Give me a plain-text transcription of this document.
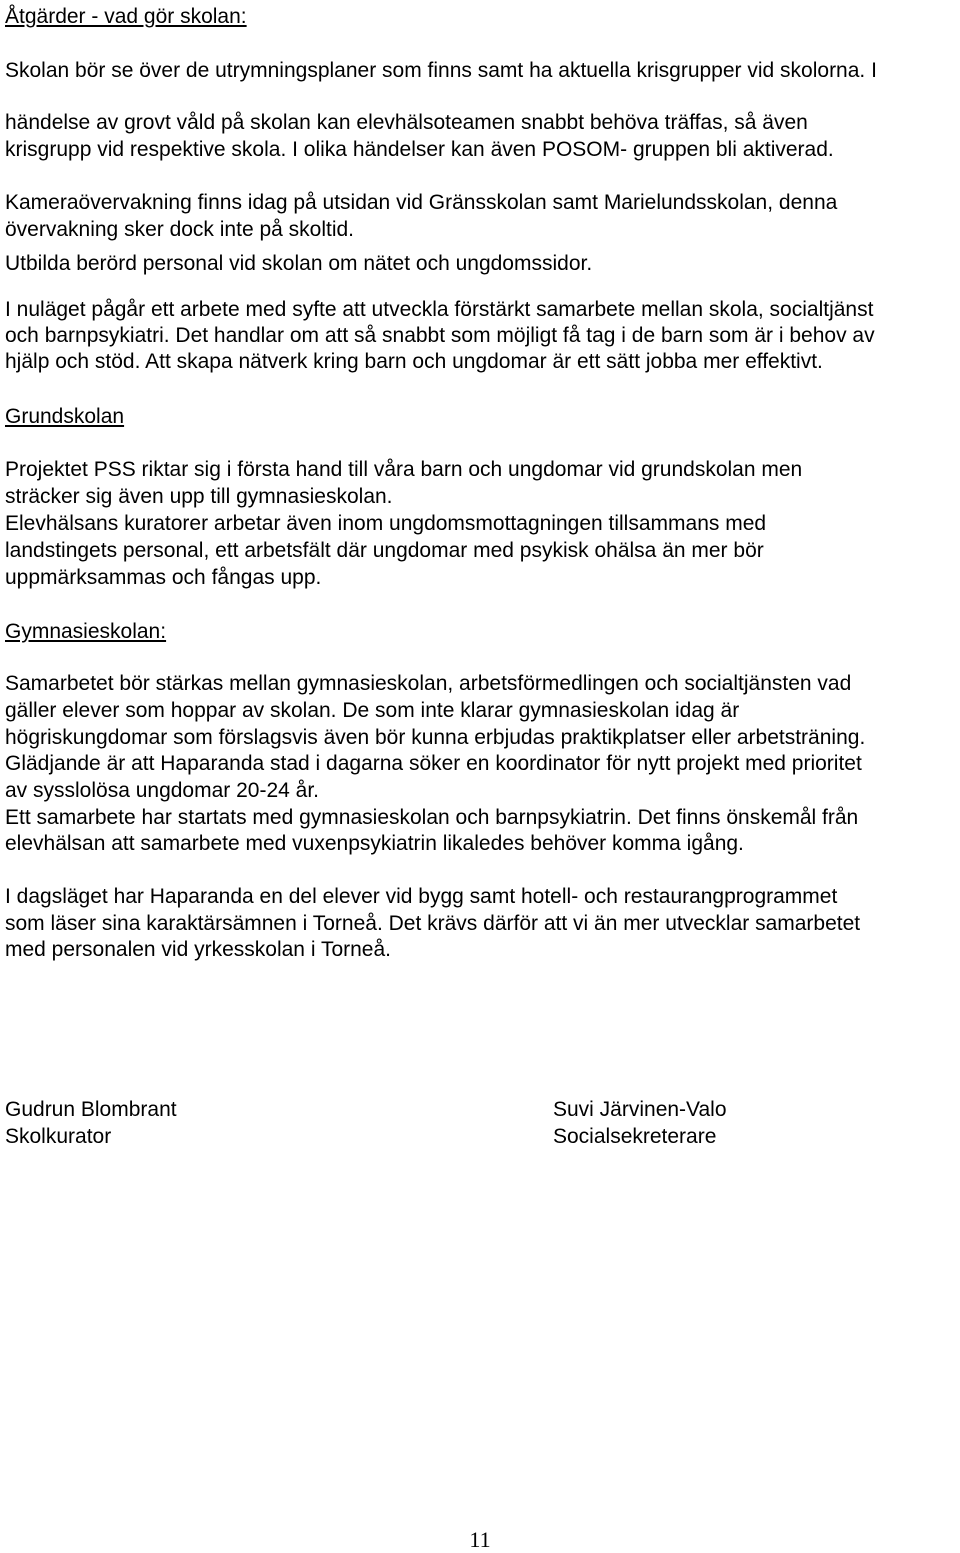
Åtgärder - vad gör skolan:
Skolan bör se över de utrymningsplaner som finns samt ha aktuella krisgrupper vid skolorna. I
händelse av grovt våld på skolan kan elevhälsoteamen snabbt behöva träffas, så även
krisgrupp vid respektive skola. I olika händelser kan även POSOM- gruppen bli aktiverad.
Kameraövervakning finns idag på utsidan vid Gränsskolan samt Marielundsskolan, denna
övervakning sker dock inte på skoltid.
Utbilda berörd personal vid skolan om nätet och ungdomssidor.
I nuläget pågår ett arbete med syfte att utveckla förstärkt samarbete mellan skola, socialtjänst
och barnpsykiatri. Det handlar om att så snabbt som möjligt få tag i de barn som är i behov av
hjälp och stöd. Att skapa nätverk kring barn och ungdomar är ett sätt jobba mer effektivt.
Grundskolan
Projektet PSS riktar sig i första hand till våra barn och ungdomar vid grundskolan men
sträcker sig även upp till gymnasieskolan.
Elevhälsans kuratorer arbetar även inom ungdomsmottagningen tillsammans med
landstingets personal, ett arbetsfält där ungdomar med psykisk ohälsa än mer bör
uppmärksammas och fångas upp.
Gymnasieskolan:
Samarbetet bör stärkas mellan gymnasieskolan, arbetsförmedlingen och socialtjänsten vad
gäller elever som hoppar av skolan. De som inte klarar gymnasieskolan idag är
högriskungdomar som förslagsvis även bör kunna erbjudas praktikplatser eller arbetsträning.
Glädjande är att Haparanda stad i dagarna söker en koordinator för nytt projekt med prioritet
av sysslolösa ungdomar 20-24 år.
Ett samarbete har startats med gymnasieskolan och barnpsykiatrin. Det finns önskemål från
elevhälsan att samarbete med vuxenpsykiatrin likaledes behöver komma igång.
I dagsläget har Haparanda en del elever vid bygg samt hotell- och restaurangprogrammet
som läser sina karaktärsämnen i Torneå. Det krävs därför att vi än mer utvecklar samarbetet
med personalen vid yrkesskolan i Torneå.
Gudrun Blombrant
Skolkurator
Suvi Järvinen-Valo
Socialsekreterare
11
